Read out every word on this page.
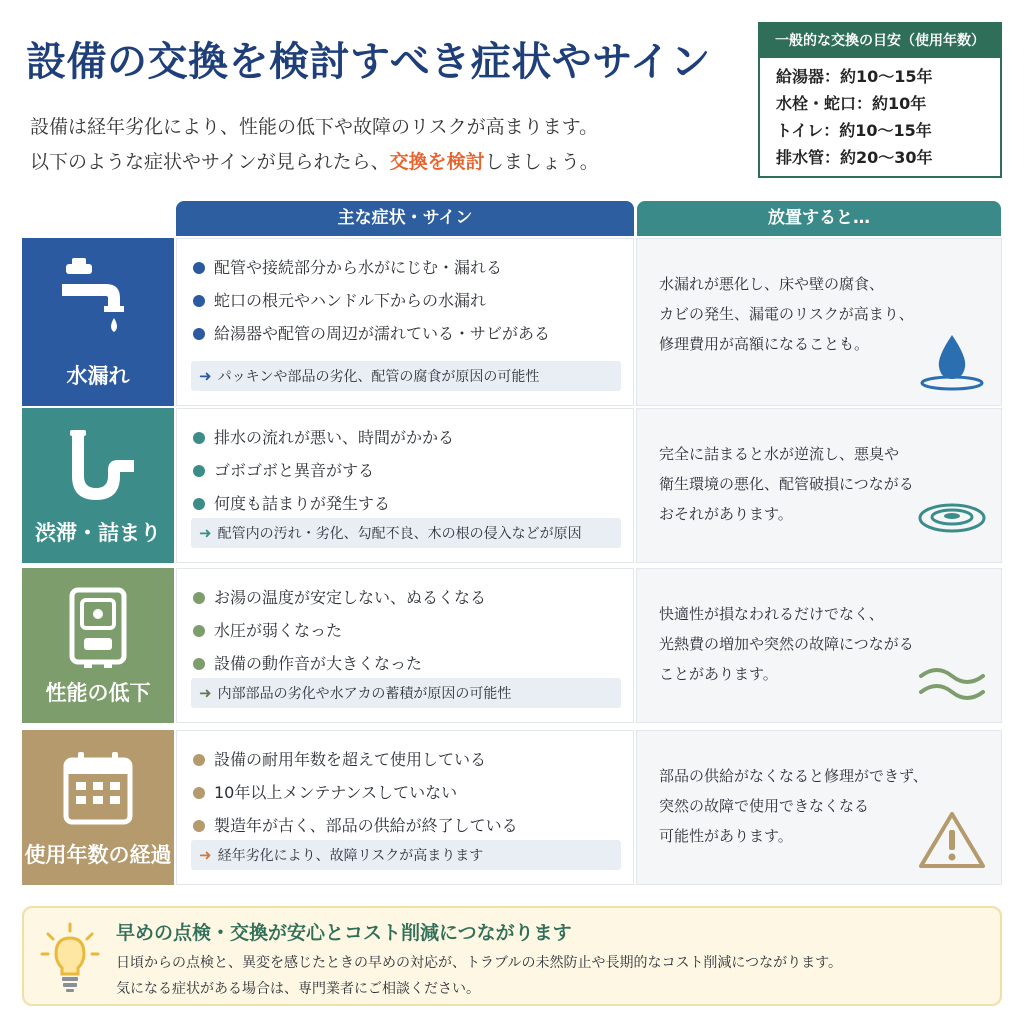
設備の交換を検討すべき症状やサイン
設備は経年劣化により、性能の低下や故障のリスクが高まります。
以下のような症状やサインが見られたら、交換を検討しましょう。
一般的な交換の目安（使用年数）
給湯器：約10〜15年
水栓・蛇口：約10年
トイレ：約10〜15年
排水管：約20〜30年
主な症状・サイン	放置すると…
水漏れ
配管や接続部分から水がにじむ・漏れる
蛇口の根元やハンドル下からの水漏れ
給湯器や配管の周辺が濡れている・サビがある
➜ パッキンや部品の劣化、配管の腐食が原因の可能性
水漏れが悪化し、床や壁の腐食、
カビの発生、漏電のリスクが高まり、
修理費用が高額になることも。
渋滞・詰まり
排水の流れが悪い、時間がかかる
ゴボゴボと異音がする
何度も詰まりが発生する
➜ 配管内の汚れ・劣化、勾配不良、木の根の侵入などが原因
完全に詰まると水が逆流し、悪臭や
衛生環境の悪化、配管破損につながる
おそれがあります。
性能の低下
お湯の温度が安定しない、ぬるくなる
水圧が弱くなった
設備の動作音が大きくなった
➜ 内部部品の劣化や水アカの蓄積が原因の可能性
快適性が損なわれるだけでなく、
光熱費の増加や突然の故障につながる
ことがあります。
使用年数の経過
設備の耐用年数を超えて使用している
10年以上メンテナンスしていない
製造年が古く、部品の供給が終了している
➜ 経年劣化により、故障リスクが高まります
部品の供給がなくなると修理ができず、
突然の故障で使用できなくなる
可能性があります。
早めの点検・交換が安心とコスト削減につながります
日頃からの点検と、異変を感じたときの早めの対応が、トラブルの未然防止や長期的なコスト削減につながります。
気になる症状がある場合は、専門業者にご相談ください。
